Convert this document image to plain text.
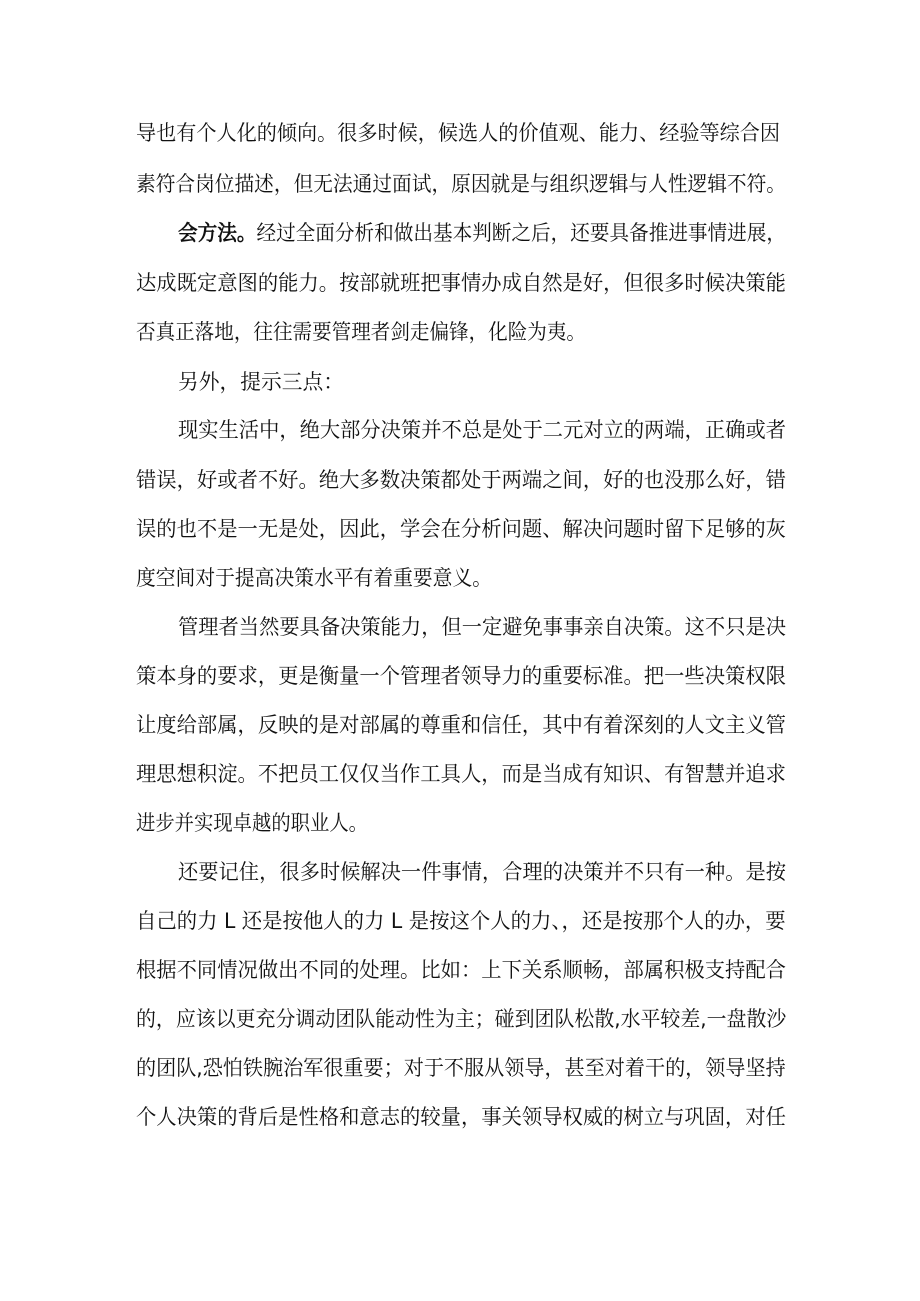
导也有个人化的倾向。很多时候，候选人的价值观、能力、经验等综合因

素符合岗位描述，但无法通过面试，原因就是与组织逻辑与人性逻辑不符。

会方法。经过全面分析和做出基本判断之后，还要具备推进事情进展，

达成既定意图的能力。按部就班把事情办成自然是好，但很多时候决策能

否真正落地，往往需要管理者剑走偏锋，化险为夷。

另外，提示三点：

现实生活中，绝大部分决策并不总是处于二元对立的两端，正确或者

错误，好或者不好。绝大多数决策都处于两端之间，好的也没那么好，错

误的也不是一无是处，因此，学会在分析问题、解决问题时留下足够的灰

度空间对于提高决策水平有着重要意义。

管理者当然要具备决策能力，但一定避免事事亲自决策。这不只是决

策本身的要求，更是衡量一个管理者领导力的重要标准。把一些决策权限

让度给部属，反映的是对部属的尊重和信任，其中有着深刻的人文主义管

理思想积淀。不把员工仅仅当作工具人，而是当成有知识、有智慧并追求

进步并实现卓越的职业人。

还要记住，很多时候解决一件事情，合理的决策并不只有一种。是按

自己的力 L 还是按他人的力 L 是按这个人的力、，还是按那个人的办，要

根据不同情况做出不同的处理。比如：上下关系顺畅，部属积极支持配合

的，应该以更充分调动团队能动性为主；碰到团队松散,水平较差,一盘散沙

的团队,恐怕铁腕治军很重要；对于不服从领导，甚至对着干的，领导坚持

个人决策的背后是性格和意志的较量，事关领导权威的树立与巩固，对任
